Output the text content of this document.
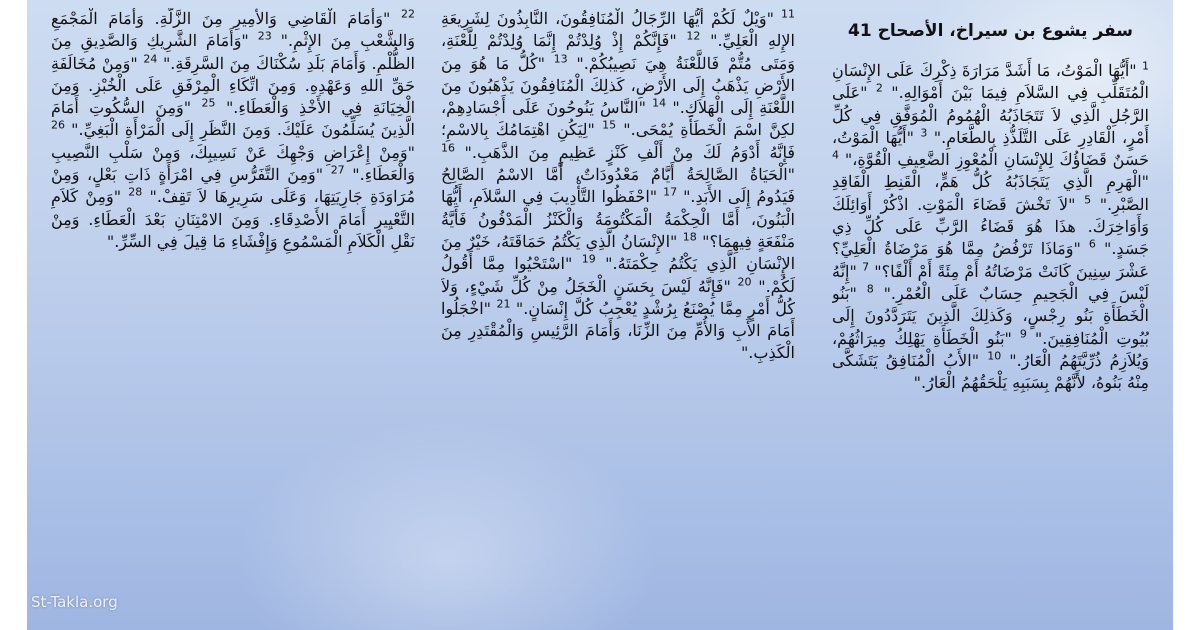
سفر يشوع بن سيراخ، الأصحاح 41

$^1$ "أَيُّهَا الْمَوْتُ، مَا أَشَدَّ مَرَارَةَ ذِكْرِكَ عَلَى الإِنْسَانِ الْمُتَقَلِّبِ فِي السَّلاَمِ فِيمَا بَيْنَ أَمْوَالِهِ."$^2$ "عَلَى الرَّجُلِ الَّذِي لاَ تَتَجَاذَبُهُ الْهُمُومُ الْمُوَفَّقِ فِي كُلِّ أَمْرٍ، الْقَادِرِ عَلَى التَّلَذُّذِ بِالطَّعَامِ."$^3$ "أَيُّهَا الْمَوْتُ، حَسَنٌ قَضَاؤُكَ لِلإِنْسَانِ الْمُعْوِزِ الضَّعِيفِ الْقُوَّةِ،"$^4$ "الْهَرِمِ الَّذِي يَتَجَاذَبُهُ كُلُّ هَمٍّ، الْقَنِطِ الْفَاقِدِ الصَّبْرِ."$^5$ "لاَ تَخْشَ قَضَاءَ الْمَوْتِ. اذْكُرْ أَوَائِلَكَ وَأَوَاخِرَكَ. هذَا هُوَ قَضَاءُ الرَّبِّ عَلَى كُلِّ ذِي جَسَدٍ."$^6$ "وَمَاذَا تَرْفُضُ مِمَّا هُوَ مَرْضَاةُ الْعَلِيِّ؟ عَشْرَ سِنِينَ كَانَتْ مَرْضَاتُهُ أَمْ مِئَةً أَمْ أَلْفًا؟"$^7$ "إِنَّهُ لَيْسَ فِي الْجَحِيمِ حِسَابٌ عَلَى الْعُمْرِ."$^8$ "بَنُو الْخَطَأَةِ بَنُو رِجْسٍ، وَكَذلِكَ الَّذِينَ يَتَرَدَّدُونَ إِلَى بُيُوتِ الْمُنَافِقِينَ."$^9$ "بَنُو الْخَطَأَةِ يَهْلِكُ مِيرَاثُهُمْ، وَيُلاَزِمُ ذُرِّيَّتَهُمُ الْعَارُ."$^{10}$ "الأَبُ الْمُنَافِقُ يَتَشَكَّى مِنْهُ بَنُوهُ، لأَنَّهُمْ بِسَبَبِهِ يَلْحَقُهُمُ الْعَارُ."

$^{11}$ "وَيْلٌ لَكُمْ أَيُّهَا الرِّجَالُ الْمُنَافِقُونَ، النَّابِذُونَ لِشَرِيعَةِ الإِلهِ الْعَلِيِّ."$^{12}$ "فَإِنَّكُمْ إِذْ وُلِدْتُمْ إِنَّمَا وُلِدْتُمْ لِلَّعْنَةِ، وَمَتَى مُتُّمْ فَاللَّعْنَةُ هِيَ نَصِيبُكُمْ."$^{13}$ "كُلُّ مَا هُوَ مِنَ الأَرْضِ يَذْهَبُ إِلَى الأَرْضِ، كَذلِكَ الْمُنَافِقُونَ يَذْهَبُونَ مِنَ اللَّعْنَةِ إِلَى الْهَلاَكِ."$^{14}$ "النَّاسُ يَنُوحُونَ عَلَى أَجْسَادِهِمْ، لكِنَّ اسْمَ الْخَطَأَةِ يُمْحَى."$^{15}$ "لِيَكُنِ اهْتِمَامُكَ بِالاسْمِ؛ فَإِنَّهُ أَدْوَمُ لَكَ مِنْ أَلْفِ كَنْزٍ عَظِيمٍ مِنَ الذَّهَبِ."$^{16}$ "الْحَيَاةُ الصَّالِحَةُ أَيَّامٌ مَعْدُودَاتٌ، أَمَّا الاسْمُ الصَّالِحُ فَيَدُومُ إِلَى الأَبَدِ."$^{17}$ "احْفَظُوا التَّأْدِيبَ فِي السَّلاَمِ، أَيُّهَا الْبَنُونَ، أَمَّا الْحِكْمَةُ الْمَكْتُومَةُ وَالْكَنْزُ الْمَدْفُونُ فَأَيَّةُ مَنْفَعَةٍ فِيهِمَا؟"$^{18}$ "الإِنْسَانُ الَّذِي يَكْتُمُ حَمَاقَتَهُ، خَيْرٌ مِنَ الإِنْسَانِ الَّذِي يَكْتُمُ حِكْمَتَهُ."$^{19}$ "اسْتَحْيُوا مِمَّا أَقُولُ لَكُمْ."$^{20}$ "فَإِنَّهُ لَيْسَ بِحَسَنٍ الْخَجَلُ مِنْ كُلِّ شَيْءٍ، وَلاَ كُلُّ أَمْرٍ مِمَّا يُصْنَعُ بِرُشْدٍ يُعْجِبُ كُلَّ إِنْسَانٍ."$^{21}$ "اخْجَلُوا أَمَامَ الأَبِ وَالأُمِّ مِنَ الزِّنَا، وَأَمَامَ الرَّئِيسِ وَالْمُقْتَدِرِ مِنَ الْكَذِبِ."

$^{22}$ "وَأَمَامَ الْقَاضِي وَالأَمِيرِ مِنَ الزَّلَّةِ. وَأَمَامَ الْمَجْمَعِ وَالشَّعْبِ مِنَ الإِثْمِ."$^{23}$ "وَأَمَامَ الشَّرِيكِ وَالصَّدِيقِ مِنَ الظُّلْمِ. وَأَمَامَ بَلَدِ سُكْنَاكَ مِنَ السَّرِقَةِ."$^{24}$ "وَمِنْ مُخَالَفَةِ حَقِّ اللهِ وَعَهْدِهِ. وَمِنَ اتِّكَاءِ الْمِرْفَقِ عَلَى الْخُبْزِ. وَمِنَ الْخِيَانَةِ فِي الأَخْذِ وَالْعَطَاءِ."$^{25}$ "وَمِنَ السُّكُوتِ أَمَامَ الَّذِينَ يُسَلِّمُونَ عَلَيْكَ. وَمِنَ النَّظَرِ إِلَى الْمَرْأَةِ الْبَغِيِّ."$^{26}$ "وَمِنْ إِعْرَاضِ وَجْهِكَ عَنْ نَسِيبِكَ، وَمِنْ سَلْبِ النَّصِيبِ وَالْعَطَاءِ."$^{27}$ "وَمِنَ التَّفَرُّسِ فِي امْرَأَةٍ ذَاتِ بَعْلٍ، وَمِنْ مُرَاوَدَةِ جَارِيَتِهَا، وَعَلَى سَرِيرِهَا لاَ تَقِفْ."$^{28}$ "وَمِنْ كَلاَمِ التَّعْيِيرِ أَمَامَ الأَصْدِقَاءِ. وَمِنَ الامْتِنَانِ بَعْدَ الْعَطَاءِ. وَمِنْ نَقْلِ الْكَلاَمِ الْمَسْمُوعِ وَإِفْشَاءِ مَا قِيلَ فِي السِّرِّ."

St-Takla.org
